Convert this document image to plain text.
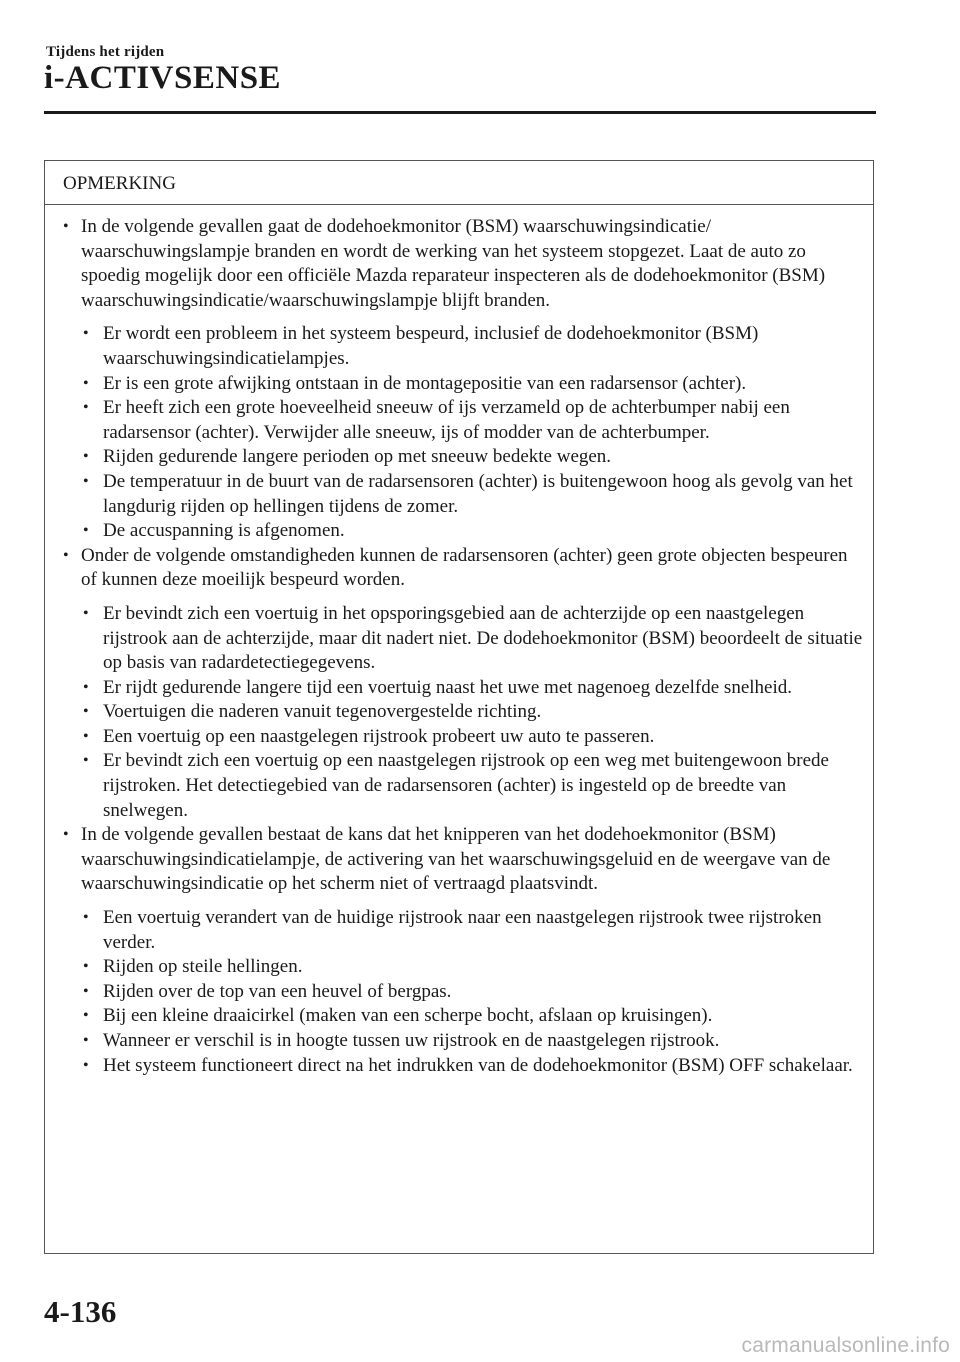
Tijdens het rijden
i-ACTIVSENSE
OPMERKING
• In de volgende gevallen gaat de dodehoekmonitor (BSM) waarschuwingsindicatie/ waarschuwingslampje branden en wordt de werking van het systeem stopgezet. Laat de auto zo spoedig mogelijk door een officiële Mazda reparateur inspecteren als de dodehoekmonitor (BSM) waarschuwingsindicatie/waarschuwingslampje blijft branden.
• Er wordt een probleem in het systeem bespeurd, inclusief de dodehoekmonitor (BSM) waarschuwingsindicatielampjes.
• Er is een grote afwijking ontstaan in de montagepositie van een radarsensor (achter).
• Er heeft zich een grote hoeveelheid sneeuw of ijs verzameld op de achterbumper nabij een radarsensor (achter). Verwijder alle sneeuw, ijs of modder van de achterbumper.
• Rijden gedurende langere perioden op met sneeuw bedekte wegen.
• De temperatuur in de buurt van de radarsensoren (achter) is buitengewoon hoog als gevolg van het langdurig rijden op hellingen tijdens de zomer.
• De accuspanning is afgenomen.
• Onder de volgende omstandigheden kunnen de radarsensoren (achter) geen grote objecten bespeuren of kunnen deze moeilijk bespeurd worden.
• Er bevindt zich een voertuig in het opsporingsgebied aan de achterzijde op een naastgelegen rijstrook aan de achterzijde, maar dit nadert niet. De dodehoekmonitor (BSM) beoordeelt de situatie op basis van radardetectiegegevens.
• Er rijdt gedurende langere tijd een voertuig naast het uwe met nagenoeg dezelfde snelheid.
• Voertuigen die naderen vanuit tegenovergestelde richting.
• Een voertuig op een naastgelegen rijstrook probeert uw auto te passeren.
• Er bevindt zich een voertuig op een naastgelegen rijstrook op een weg met buitengewoon brede rijstroken. Het detectiegebied van de radarsensoren (achter) is ingesteld op de breedte van snelwegen.
• In de volgende gevallen bestaat de kans dat het knipperen van het dodehoekmonitor (BSM) waarschuwingsindicatielampje, de activering van het waarschuwingsgeluid en de weergave van de waarschuwingsindicatie op het scherm niet of vertraagd plaatsvindt.
• Een voertuig verandert van de huidige rijstrook naar een naastgelegen rijstrook twee rijstroken verder.
• Rijden op steile hellingen.
• Rijden over de top van een heuvel of bergpas.
• Bij een kleine draaicirkel (maken van een scherpe bocht, afslaan op kruisingen).
• Wanneer er verschil is in hoogte tussen uw rijstrook en de naastgelegen rijstrook.
• Het systeem functioneert direct na het indrukken van de dodehoekmonitor (BSM) OFF schakelaar.
4-136
carmanualsonline.info
